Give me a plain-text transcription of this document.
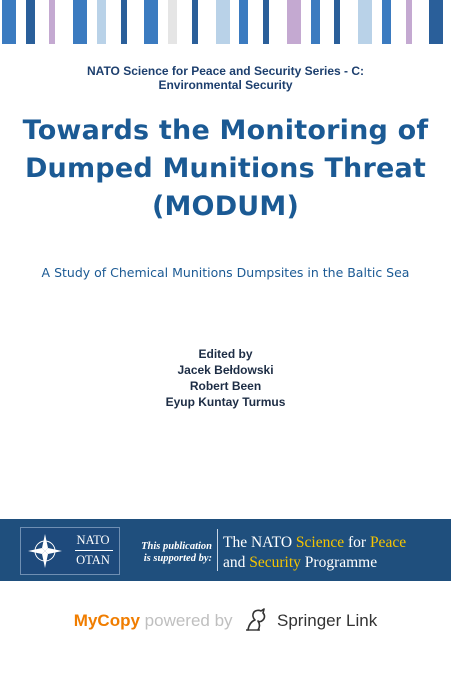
NATO Science for Peace and Security Series - C:
Environmental Security
Towards the Monitoring of
Dumped Munitions Threat
(MODUM)
A Study of Chemical Munitions Dumpsites in the Baltic Sea
Edited by
Jacek Bełdowski
Robert Been
Eyup Kuntay Turmus
NATO
OTAN
This publication
is supported by:
The NATO Science for Peace
and Security Programme
MyCopy powered by	Springer Link
